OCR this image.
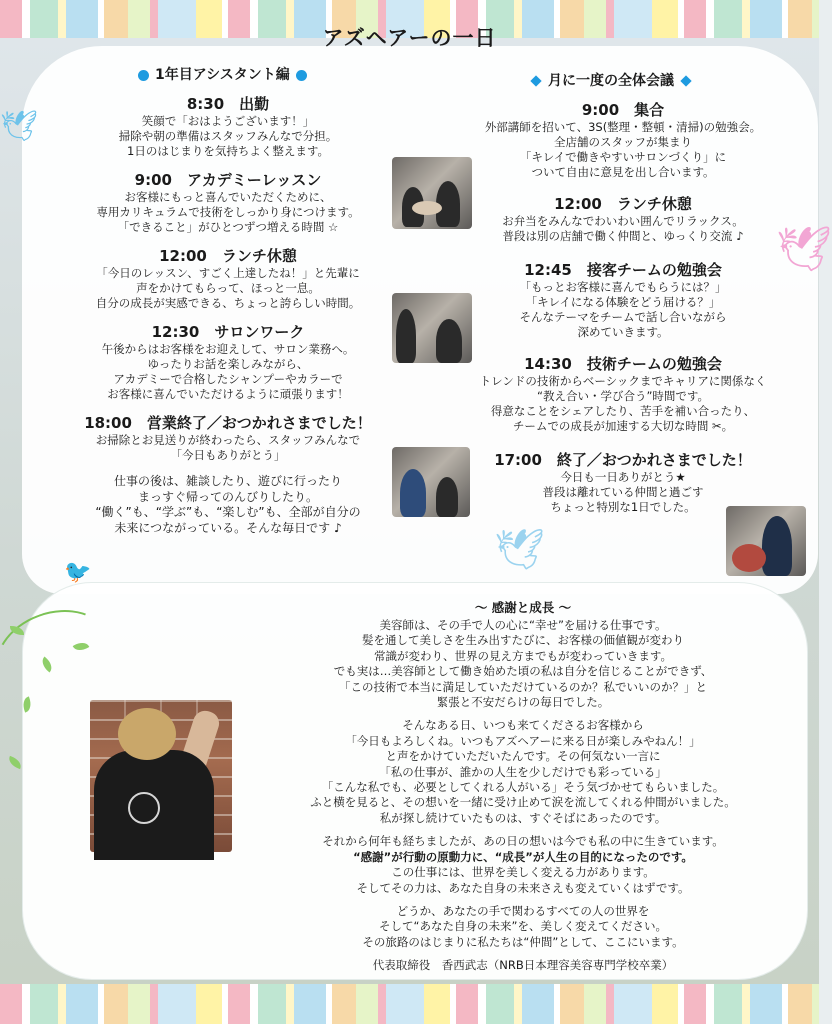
🕊
🕊
🕊
🐦
アズヘアーの一日
1年目アシスタント編	月に一度の全体会議
8:30　出勤
笑顔で「おはようございます！」
掃除や朝の準備はスタッフみんなで分担。
1日のはじまりを気持ちよく整えます。
9:00　アカデミーレッスン
お客様にもっと喜んでいただくために、
専用カリキュラムで技術をしっかり身につけます。
「できること」がひとつずつ増える時間 ☆
12:00　ランチ休憩
「今日のレッスン、すごく上達したね！」と先輩に
声をかけてもらって、ほっと一息。
自分の成長が実感できる、ちょっと誇らしい時間。
12:30　サロンワーク
午後からはお客様をお迎えして、サロン業務へ。
ゆったりお話を楽しみながら、
アカデミーで合格したシャンプーやカラーで
お客様に喜んでいただけるように頑張ります！
18:00　営業終了／おつかれさまでした！
お掃除とお見送りが終わったら、スタッフみんなで
「今日もありがとう」
仕事の後は、雑談したり、遊びに行ったり
まっすぐ帰ってのんびりしたり。
“働く”も、“学ぶ”も、“楽しむ”も、全部が自分の
未来につながっている。そんな毎日です ♪
9:00　集合
外部講師を招いて、3S(整理・整頓・清掃)の勉強会。
全店舗のスタッフが集まり
「キレイで働きやすいサロンづくり」に
ついて自由に意見を出し合います。
12:00　ランチ休憩
お弁当をみんなでわいわい囲んでリラックス。
普段は別の店舗で働く仲間と、ゆっくり交流 ♪
12:45　接客チームの勉強会
「もっとお客様に喜んでもらうには？」
「キレイになる体験をどう届ける？」
そんなテーマをチームで話し合いながら
深めていきます。
14:30　技術チームの勉強会
トレンドの技術からベーシックまでキャリアに関係なく
“教え合い・学び合う”時間です。
得意なことをシェアしたり、苦手を補い合ったり、
チームでの成長が加速する大切な時間 ✂。
17:00　終了／おつかれさまでした！
今日も一日ありがとう★
普段は離れている仲間と過ごす
ちょっと特別な1日でした。
～ 感謝と成長 ～
美容師は、その手で人の心に“幸せ”を届ける仕事です。
髪を通して美しさを生み出すたびに、お客様の価値観が変わり
常識が変わり、世界の見え方までもが変わっていきます。
でも実は…美容師として働き始めた頃の私は自分を信じることができず、
「この技術で本当に満足していただけているのか？私でいいのか？」と
緊張と不安だらけの毎日でした。
そんなある日、いつも来てくださるお客様から
「今日もよろしくね。いつもアズヘアーに来る日が楽しみやねん！」
と声をかけていただいたんです。その何気ない一言に
「私の仕事が、誰かの人生を少しだけでも彩っている」
「こんな私でも、必要としてくれる人がいる」そう気づかせてもらいました。
ふと横を見ると、その想いを一緒に受け止めて涙を流してくれる仲間がいました。
私が探し続けていたものは、すぐそばにあったのです。
それから何年も経ちましたが、あの日の想いは今でも私の中に生きています。
“感謝”が行動の原動力に、“成長”が人生の目的になったのです。
この仕事には、世界を美しく変える力があります。
そしてその力は、あなた自身の未来さえも変えていくはずです。
どうか、あなたの手で関わるすべての人の世界を
そして“あなた自身の未来”を、美しく変えてください。
その旅路のはじまりに私たちは“仲間”として、ここにいます。
代表取締役　香西武志（NRB日本理容美容専門学校卒業）
